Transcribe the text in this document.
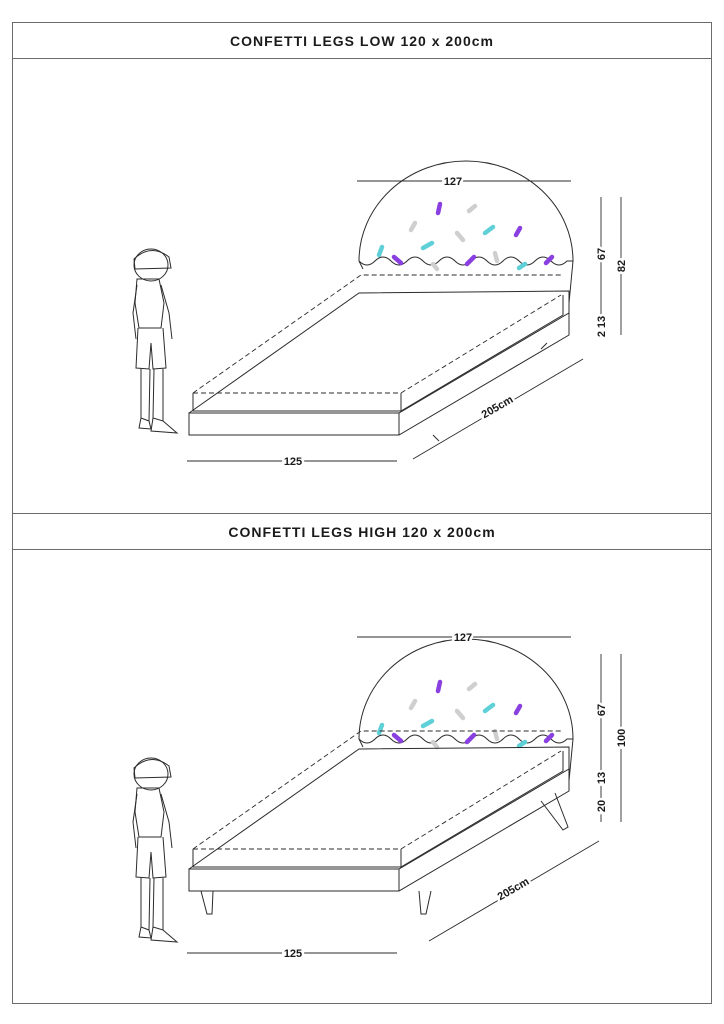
CONFETTI LEGS LOW 120 x 200cm
127
67
82
13
2
205cm
125
CONFETTI LEGS HIGH 120 x 200cm
127
67
100
13
20
205cm
125
